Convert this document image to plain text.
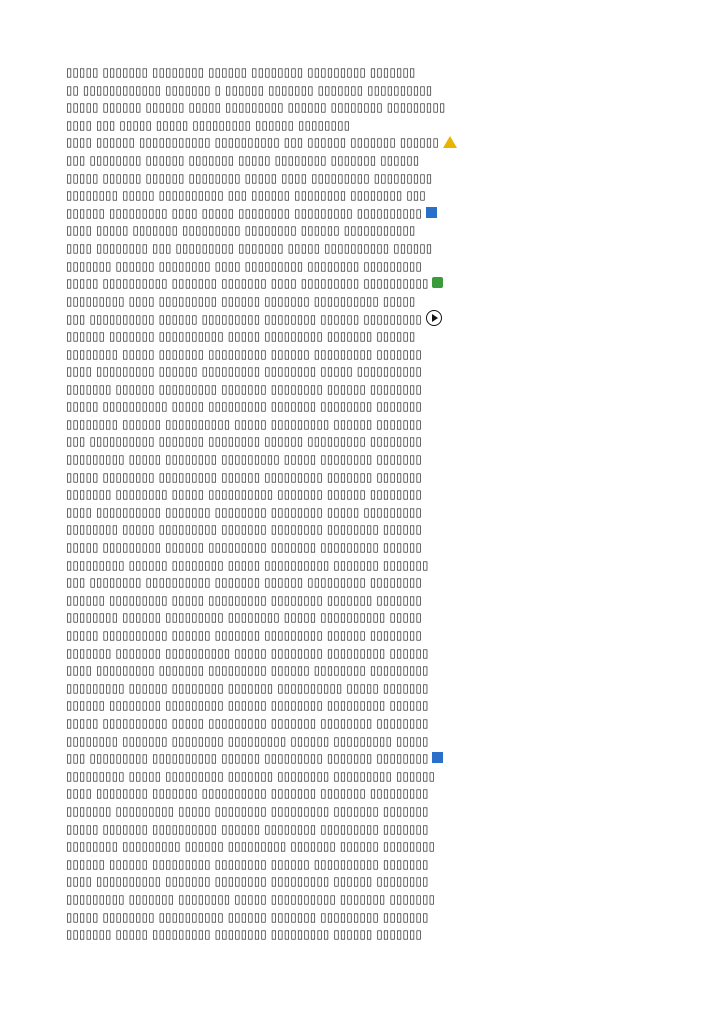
▯▯▯▯▯ ▯▯▯▯▯▯▯ ▯▯▯▯▯▯▯▯ ▯▯▯▯▯▯ ▯▯▯▯▯▯▯▯ ▯▯▯▯▯▯▯▯▯ ▯▯▯▯▯▯▯
▯▯ ▯▯▯▯▯▯▯▯▯▯▯▯ ▯▯▯▯▯▯▯ ▯ ▯▯▯▯▯▯ ▯▯▯▯▯▯▯ ▯▯▯▯▯▯▯ ▯▯▯▯▯▯▯▯▯▯
▯▯▯▯▯ ▯▯▯▯▯▯ ▯▯▯▯▯▯ ▯▯▯▯▯ ▯▯▯▯▯▯▯▯▯ ▯▯▯▯▯▯ ▯▯▯▯▯▯▯▯ ▯▯▯▯▯▯▯▯▯
▯▯▯▯ ▯▯▯ ▯▯▯▯▯ ▯▯▯▯▯ ▯▯▯▯▯▯▯▯▯ ▯▯▯▯▯▯ ▯▯▯▯▯▯▯▯
▯▯▯▯ ▯▯▯▯▯▯ ▯▯▯▯▯▯▯▯▯▯▯ ▯▯▯▯▯▯▯▯▯▯ ▯▯▯ ▯▯▯▯▯▯ ▯▯▯▯▯▯▯ ▯▯▯▯▯▯
▯▯▯ ▯▯▯▯▯▯▯▯ ▯▯▯▯▯▯ ▯▯▯▯▯▯▯ ▯▯▯▯▯ ▯▯▯▯▯▯▯▯ ▯▯▯▯▯▯▯ ▯▯▯▯▯▯
▯▯▯▯▯ ▯▯▯▯▯▯ ▯▯▯▯▯▯ ▯▯▯▯▯▯▯▯ ▯▯▯▯▯ ▯▯▯▯ ▯▯▯▯▯▯▯▯▯ ▯▯▯▯▯▯▯▯▯
▯▯▯▯▯▯▯▯ ▯▯▯▯▯ ▯▯▯▯▯▯▯▯▯▯ ▯▯▯ ▯▯▯▯▯▯ ▯▯▯▯▯▯▯▯ ▯▯▯▯▯▯▯▯ ▯▯▯
▯▯▯▯▯▯ ▯▯▯▯▯▯▯▯▯ ▯▯▯▯ ▯▯▯▯▯ ▯▯▯▯▯▯▯▯ ▯▯▯▯▯▯▯▯▯ ▯▯▯▯▯▯▯▯▯▯
▯▯▯▯ ▯▯▯▯▯ ▯▯▯▯▯▯▯ ▯▯▯▯▯▯▯▯▯ ▯▯▯▯▯▯▯▯ ▯▯▯▯▯▯ ▯▯▯▯▯▯▯▯▯▯▯
▯▯▯▯ ▯▯▯▯▯▯▯▯ ▯▯▯ ▯▯▯▯▯▯▯▯▯ ▯▯▯▯▯▯▯ ▯▯▯▯▯ ▯▯▯▯▯▯▯▯▯▯ ▯▯▯▯▯▯
▯▯▯▯▯▯▯ ▯▯▯▯▯▯ ▯▯▯▯▯▯▯▯ ▯▯▯▯ ▯▯▯▯▯▯▯▯▯ ▯▯▯▯▯▯▯▯ ▯▯▯▯▯▯▯▯▯
▯▯▯▯▯ ▯▯▯▯▯▯▯▯▯▯ ▯▯▯▯▯▯▯ ▯▯▯▯▯▯▯ ▯▯▯▯ ▯▯▯▯▯▯▯▯▯ ▯▯▯▯▯▯▯▯▯▯
▯▯▯▯▯▯▯▯▯ ▯▯▯▯ ▯▯▯▯▯▯▯▯▯ ▯▯▯▯▯▯ ▯▯▯▯▯▯▯ ▯▯▯▯▯▯▯▯▯▯ ▯▯▯▯▯
▯▯▯ ▯▯▯▯▯▯▯▯▯▯ ▯▯▯▯▯▯ ▯▯▯▯▯▯▯▯▯ ▯▯▯▯▯▯▯▯ ▯▯▯▯▯▯ ▯▯▯▯▯▯▯▯▯
▯▯▯▯▯▯ ▯▯▯▯▯▯▯ ▯▯▯▯▯▯▯▯▯▯ ▯▯▯▯▯ ▯▯▯▯▯▯▯▯▯ ▯▯▯▯▯▯▯ ▯▯▯▯▯▯
▯▯▯▯▯▯▯▯ ▯▯▯▯▯ ▯▯▯▯▯▯▯ ▯▯▯▯▯▯▯▯▯ ▯▯▯▯▯▯ ▯▯▯▯▯▯▯▯▯ ▯▯▯▯▯▯▯
▯▯▯▯ ▯▯▯▯▯▯▯▯▯ ▯▯▯▯▯▯ ▯▯▯▯▯▯▯▯▯ ▯▯▯▯▯▯▯▯ ▯▯▯▯▯ ▯▯▯▯▯▯▯▯▯▯
▯▯▯▯▯▯▯ ▯▯▯▯▯▯ ▯▯▯▯▯▯▯▯▯ ▯▯▯▯▯▯▯ ▯▯▯▯▯▯▯▯ ▯▯▯▯▯▯ ▯▯▯▯▯▯▯▯
▯▯▯▯▯ ▯▯▯▯▯▯▯▯▯▯ ▯▯▯▯▯ ▯▯▯▯▯▯▯▯▯ ▯▯▯▯▯▯▯ ▯▯▯▯▯▯▯▯ ▯▯▯▯▯▯▯
▯▯▯▯▯▯▯▯ ▯▯▯▯▯▯ ▯▯▯▯▯▯▯▯▯▯ ▯▯▯▯▯ ▯▯▯▯▯▯▯▯▯ ▯▯▯▯▯▯ ▯▯▯▯▯▯▯
▯▯▯ ▯▯▯▯▯▯▯▯▯▯ ▯▯▯▯▯▯▯ ▯▯▯▯▯▯▯▯ ▯▯▯▯▯▯ ▯▯▯▯▯▯▯▯▯ ▯▯▯▯▯▯▯▯
▯▯▯▯▯▯▯▯▯ ▯▯▯▯▯ ▯▯▯▯▯▯▯▯ ▯▯▯▯▯▯▯▯▯ ▯▯▯▯▯ ▯▯▯▯▯▯▯▯ ▯▯▯▯▯▯▯
▯▯▯▯▯ ▯▯▯▯▯▯▯▯ ▯▯▯▯▯▯▯▯▯ ▯▯▯▯▯▯ ▯▯▯▯▯▯▯▯▯ ▯▯▯▯▯▯▯ ▯▯▯▯▯▯▯
▯▯▯▯▯▯▯ ▯▯▯▯▯▯▯▯ ▯▯▯▯▯ ▯▯▯▯▯▯▯▯▯▯ ▯▯▯▯▯▯▯ ▯▯▯▯▯▯ ▯▯▯▯▯▯▯▯
▯▯▯▯ ▯▯▯▯▯▯▯▯▯▯ ▯▯▯▯▯▯▯ ▯▯▯▯▯▯▯▯ ▯▯▯▯▯▯▯▯ ▯▯▯▯▯ ▯▯▯▯▯▯▯▯▯
▯▯▯▯▯▯▯▯ ▯▯▯▯▯ ▯▯▯▯▯▯▯▯▯ ▯▯▯▯▯▯▯ ▯▯▯▯▯▯▯▯ ▯▯▯▯▯▯▯▯ ▯▯▯▯▯▯
▯▯▯▯▯ ▯▯▯▯▯▯▯▯▯ ▯▯▯▯▯▯ ▯▯▯▯▯▯▯▯▯ ▯▯▯▯▯▯▯ ▯▯▯▯▯▯▯▯▯ ▯▯▯▯▯▯
▯▯▯▯▯▯▯▯▯ ▯▯▯▯▯▯ ▯▯▯▯▯▯▯▯ ▯▯▯▯▯ ▯▯▯▯▯▯▯▯▯▯ ▯▯▯▯▯▯▯ ▯▯▯▯▯▯▯
▯▯▯ ▯▯▯▯▯▯▯▯ ▯▯▯▯▯▯▯▯▯▯ ▯▯▯▯▯▯▯ ▯▯▯▯▯▯ ▯▯▯▯▯▯▯▯▯ ▯▯▯▯▯▯▯▯
▯▯▯▯▯▯ ▯▯▯▯▯▯▯▯▯ ▯▯▯▯▯ ▯▯▯▯▯▯▯▯▯ ▯▯▯▯▯▯▯▯ ▯▯▯▯▯▯▯ ▯▯▯▯▯▯▯
▯▯▯▯▯▯▯▯ ▯▯▯▯▯▯ ▯▯▯▯▯▯▯▯▯ ▯▯▯▯▯▯▯▯ ▯▯▯▯▯ ▯▯▯▯▯▯▯▯▯▯ ▯▯▯▯▯
▯▯▯▯▯ ▯▯▯▯▯▯▯▯▯▯ ▯▯▯▯▯▯ ▯▯▯▯▯▯▯ ▯▯▯▯▯▯▯▯▯ ▯▯▯▯▯▯ ▯▯▯▯▯▯▯▯
▯▯▯▯▯▯▯ ▯▯▯▯▯▯▯ ▯▯▯▯▯▯▯▯▯▯ ▯▯▯▯▯ ▯▯▯▯▯▯▯▯ ▯▯▯▯▯▯▯▯▯ ▯▯▯▯▯▯
▯▯▯▯ ▯▯▯▯▯▯▯▯▯ ▯▯▯▯▯▯▯ ▯▯▯▯▯▯▯▯▯ ▯▯▯▯▯▯ ▯▯▯▯▯▯▯▯ ▯▯▯▯▯▯▯▯▯
▯▯▯▯▯▯▯▯▯ ▯▯▯▯▯▯ ▯▯▯▯▯▯▯▯ ▯▯▯▯▯▯▯ ▯▯▯▯▯▯▯▯▯▯ ▯▯▯▯▯ ▯▯▯▯▯▯▯
▯▯▯▯▯▯ ▯▯▯▯▯▯▯▯ ▯▯▯▯▯▯▯▯▯ ▯▯▯▯▯▯ ▯▯▯▯▯▯▯▯ ▯▯▯▯▯▯▯▯▯ ▯▯▯▯▯▯
▯▯▯▯▯ ▯▯▯▯▯▯▯▯▯▯ ▯▯▯▯▯ ▯▯▯▯▯▯▯▯▯ ▯▯▯▯▯▯▯ ▯▯▯▯▯▯▯▯ ▯▯▯▯▯▯▯▯
▯▯▯▯▯▯▯▯ ▯▯▯▯▯▯▯ ▯▯▯▯▯▯▯▯ ▯▯▯▯▯▯▯▯▯ ▯▯▯▯▯▯ ▯▯▯▯▯▯▯▯▯ ▯▯▯▯▯
▯▯▯ ▯▯▯▯▯▯▯▯▯ ▯▯▯▯▯▯▯▯▯▯ ▯▯▯▯▯▯ ▯▯▯▯▯▯▯▯▯ ▯▯▯▯▯▯▯ ▯▯▯▯▯▯▯▯
▯▯▯▯▯▯▯▯▯ ▯▯▯▯▯ ▯▯▯▯▯▯▯▯▯ ▯▯▯▯▯▯▯ ▯▯▯▯▯▯▯▯ ▯▯▯▯▯▯▯▯▯ ▯▯▯▯▯▯
▯▯▯▯ ▯▯▯▯▯▯▯▯ ▯▯▯▯▯▯▯ ▯▯▯▯▯▯▯▯▯▯ ▯▯▯▯▯▯▯ ▯▯▯▯▯▯▯ ▯▯▯▯▯▯▯▯▯
▯▯▯▯▯▯▯ ▯▯▯▯▯▯▯▯▯ ▯▯▯▯▯ ▯▯▯▯▯▯▯▯ ▯▯▯▯▯▯▯▯▯ ▯▯▯▯▯▯▯ ▯▯▯▯▯▯▯
▯▯▯▯▯ ▯▯▯▯▯▯▯ ▯▯▯▯▯▯▯▯▯▯ ▯▯▯▯▯▯ ▯▯▯▯▯▯▯▯ ▯▯▯▯▯▯▯▯▯ ▯▯▯▯▯▯▯
▯▯▯▯▯▯▯▯ ▯▯▯▯▯▯▯▯▯ ▯▯▯▯▯▯ ▯▯▯▯▯▯▯▯▯ ▯▯▯▯▯▯▯ ▯▯▯▯▯▯ ▯▯▯▯▯▯▯▯
▯▯▯▯▯▯ ▯▯▯▯▯▯ ▯▯▯▯▯▯▯▯▯ ▯▯▯▯▯▯▯▯ ▯▯▯▯▯▯ ▯▯▯▯▯▯▯▯▯▯ ▯▯▯▯▯▯▯
▯▯▯▯ ▯▯▯▯▯▯▯▯▯▯ ▯▯▯▯▯▯▯ ▯▯▯▯▯▯▯▯ ▯▯▯▯▯▯▯▯▯ ▯▯▯▯▯▯ ▯▯▯▯▯▯▯▯
▯▯▯▯▯▯▯▯▯ ▯▯▯▯▯▯▯ ▯▯▯▯▯▯▯▯ ▯▯▯▯▯ ▯▯▯▯▯▯▯▯▯▯ ▯▯▯▯▯▯▯ ▯▯▯▯▯▯▯
▯▯▯▯▯ ▯▯▯▯▯▯▯▯ ▯▯▯▯▯▯▯▯▯▯ ▯▯▯▯▯▯ ▯▯▯▯▯▯▯ ▯▯▯▯▯▯▯▯▯ ▯▯▯▯▯▯▯
▯▯▯▯▯▯▯ ▯▯▯▯▯ ▯▯▯▯▯▯▯▯▯ ▯▯▯▯▯▯▯▯ ▯▯▯▯▯▯▯▯▯ ▯▯▯▯▯▯ ▯▯▯▯▯▯▯
